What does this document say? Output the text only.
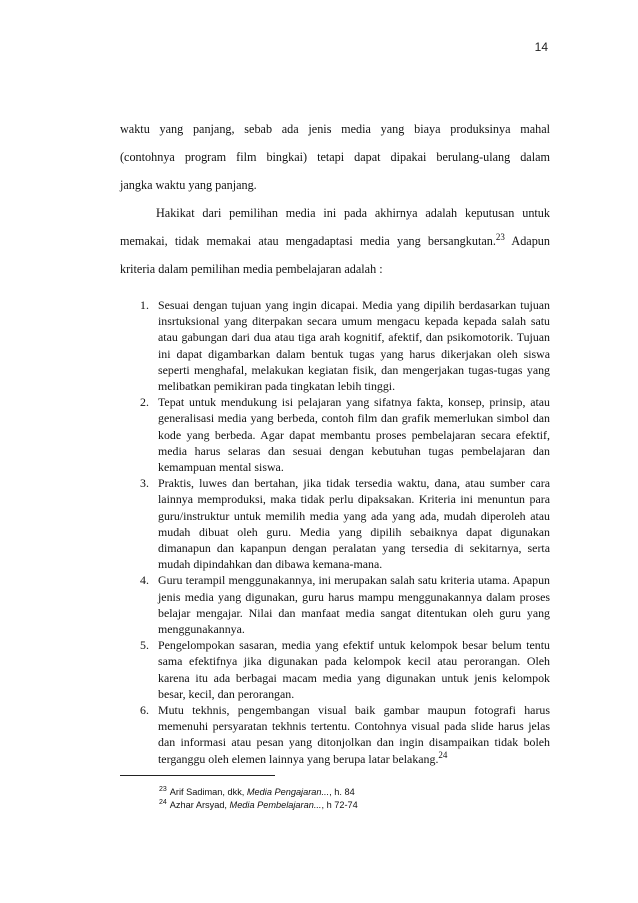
14
waktu yang panjang, sebab ada jenis media yang biaya produksinya mahal
(contohnya program film bingkai) tetapi dapat dipakai berulang-ulang dalam
jangka waktu yang panjang.
Hakikat dari pemilihan media ini pada akhirnya adalah keputusan untuk
memakai, tidak memakai atau mengadaptasi media yang bersangkutan.$^{23}$ Adapun
kriteria dalam pemilihan media pembelajaran adalah :
1. Sesuai dengan tujuan yang ingin dicapai. Media yang dipilih berdasarkan tujuan insrtuksional yang diterpakan secara umum mengacu kepada kepada salah satu atau gabungan dari dua atau tiga arah kognitif, afektif, dan psikomotorik. Tujuan ini dapat digambarkan dalam bentuk tugas yang harus dikerjakan oleh siswa seperti menghafal, melakukan kegiatan fisik, dan mengerjakan tugas-tugas yang melibatkan pemikiran pada tingkatan lebih tinggi.
2. Tepat untuk mendukung isi pelajaran yang sifatnya fakta, konsep, prinsip, atau generalisasi media yang berbeda, contoh film dan grafik memerlukan simbol dan kode yang berbeda. Agar dapat membantu proses pembelajaran secara efektif, media harus selaras dan sesuai dengan kebutuhan tugas pembelajaran dan kemampuan mental siswa.
3. Praktis, luwes dan bertahan, jika tidak tersedia waktu, dana, atau sumber cara lainnya memproduksi, maka tidak perlu dipaksakan. Kriteria ini menuntun para guru/instruktur untuk memilih media yang ada yang ada, mudah diperoleh atau mudah dibuat oleh guru. Media yang dipilih sebaiknya dapat digunakan dimanapun dan kapanpun dengan peralatan yang tersedia di sekitarnya, serta mudah dipindahkan dan dibawa kemana-mana.
4. Guru terampil menggunakannya, ini merupakan salah satu kriteria utama. Apapun jenis media yang digunakan, guru harus mampu menggunakannya dalam proses belajar mengajar. Nilai dan manfaat media sangat ditentukan oleh guru yang menggunakannya.
5. Pengelompokan sasaran, media yang efektif untuk kelompok besar belum tentu sama efektifnya jika digunakan pada kelompok kecil atau perorangan. Oleh karena itu ada berbagai macam media yang digunakan untuk jenis kelompok besar, kecil, dan perorangan.
6. Mutu tekhnis, pengembangan visual baik gambar maupun fotografi harus memenuhi persyaratan tekhnis tertentu. Contohnya visual pada slide harus jelas dan informasi atau pesan yang ditonjolkan dan ingin disampaikan tidak boleh terganggu oleh elemen lainnya yang berupa latar belakang.$^{24}$

$^{23}$ Arif Sadiman, dkk, Media Pengajaran..., h. 84

$^{24}$ Azhar Arsyad, Media Pembelajaran..., h 72-74
